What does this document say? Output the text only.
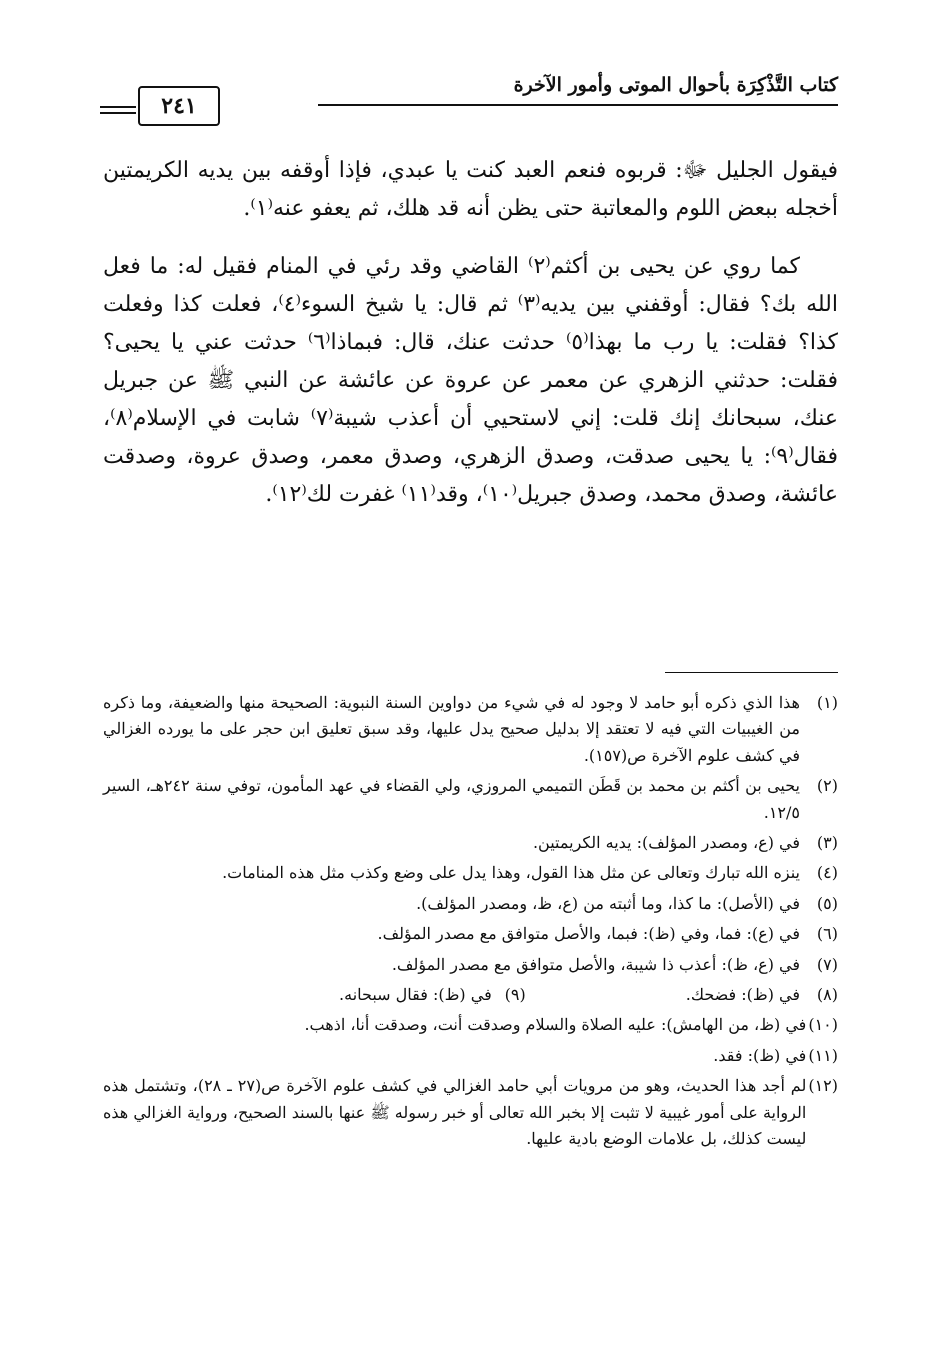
كتاب التَّذْكِرَة بأحوال الموتى وأمور الآخرة
٢٤١

فيقول الجليل ﷻ: قربوه فنعم العبد كنت يا عبدي، فإذا أوقفه بين يديه الكريمتين أخجله ببعض اللوم والمعاتبة حتى يظن أنه قد هلك، ثم يعفو عنه⁽١⁾.

كما روي عن يحيى بن أكثم⁽٢⁾ القاضي وقد رئي في المنام فقيل له: ما فعل الله بك؟ فقال: أوقفني بين يديه⁽٣⁾ ثم قال: يا شيخ السوء⁽٤⁾، فعلت كذا وفعلت كذا؟ فقلت: يا رب ما بهذا⁽٥⁾ حدثت عنك، قال: فبماذا⁽٦⁾ حدثت عني يا يحيى؟ فقلت: حدثني الزهري عن معمر عن عروة عن عائشة عن النبي ﷺ عن جبريل عنك، سبحانك إنك قلت: إني لاستحيي أن أعذب شيبة⁽٧⁾ شابت في الإسلام⁽٨⁾، فقال⁽٩⁾: يا يحيى صدقت، وصدق الزهري، وصدق معمر، وصدق عروة، وصدقت عائشة، وصدق محمد، وصدق جبريل⁽١٠⁾، وقد⁽١١⁾ غفرت لك⁽١٢⁾.

(١)
هذا الذي ذكره أبو حامد لا وجود له في شيء من دواوين السنة النبوية: الصحيحة منها والضعيفة، وما ذكره من الغيبيات التي فيه لا تعتقد إلا بدليل صحيح يدل عليها، وقد سبق تعليق ابن حجر على ما يورده الغزالي في كشف علوم الآخرة ص(١٥٧).
(٢)
يحيى بن أكثم بن محمد بن قَطَن التميمي المروزي، ولي القضاء في عهد المأمون، توفي سنة ٢٤٢هـ، السير ١٢/٥.
(٣)
في (ع، ومصدر المؤلف): يديه الكريمتين.
(٤)
ينزه الله تبارك وتعالى عن مثل هذا القول، وهذا يدل على وضع وكذب مثل هذه المنامات.
(٥)
في (الأصل): ما كذا، وما أثبته من (ع، ظ، ومصدر المؤلف).
(٦)
في (ع): فما، وفي (ظ): فبما، والأصل متوافق مع مصدر المؤلف.
(٧)
في (ع، ظ): أعذب ذا شيبة، والأصل متوافق مع مصدر المؤلف.
(٨)
في (ظ): فضحك.
(٩)
في (ظ): فقال سبحانه.
(١٠)
في (ظ، من الهامش): عليه الصلاة والسلام وصدقت أنت، وصدقت أنا، اذهب.
(١١)
في (ظ): فقد.
(١٢)
لم أجد هذا الحديث، وهو من مرويات أبي حامد الغزالي في كشف علوم الآخرة ص(٢٧ ـ ٢٨)، وتشتمل هذه الرواية على أمور غيبية لا تثبت إلا بخبر الله تعالى أو خبر رسوله ﷺ عنها بالسند الصحيح، ورواية الغزالي هذه ليست كذلك، بل علامات الوضع بادية عليها.
